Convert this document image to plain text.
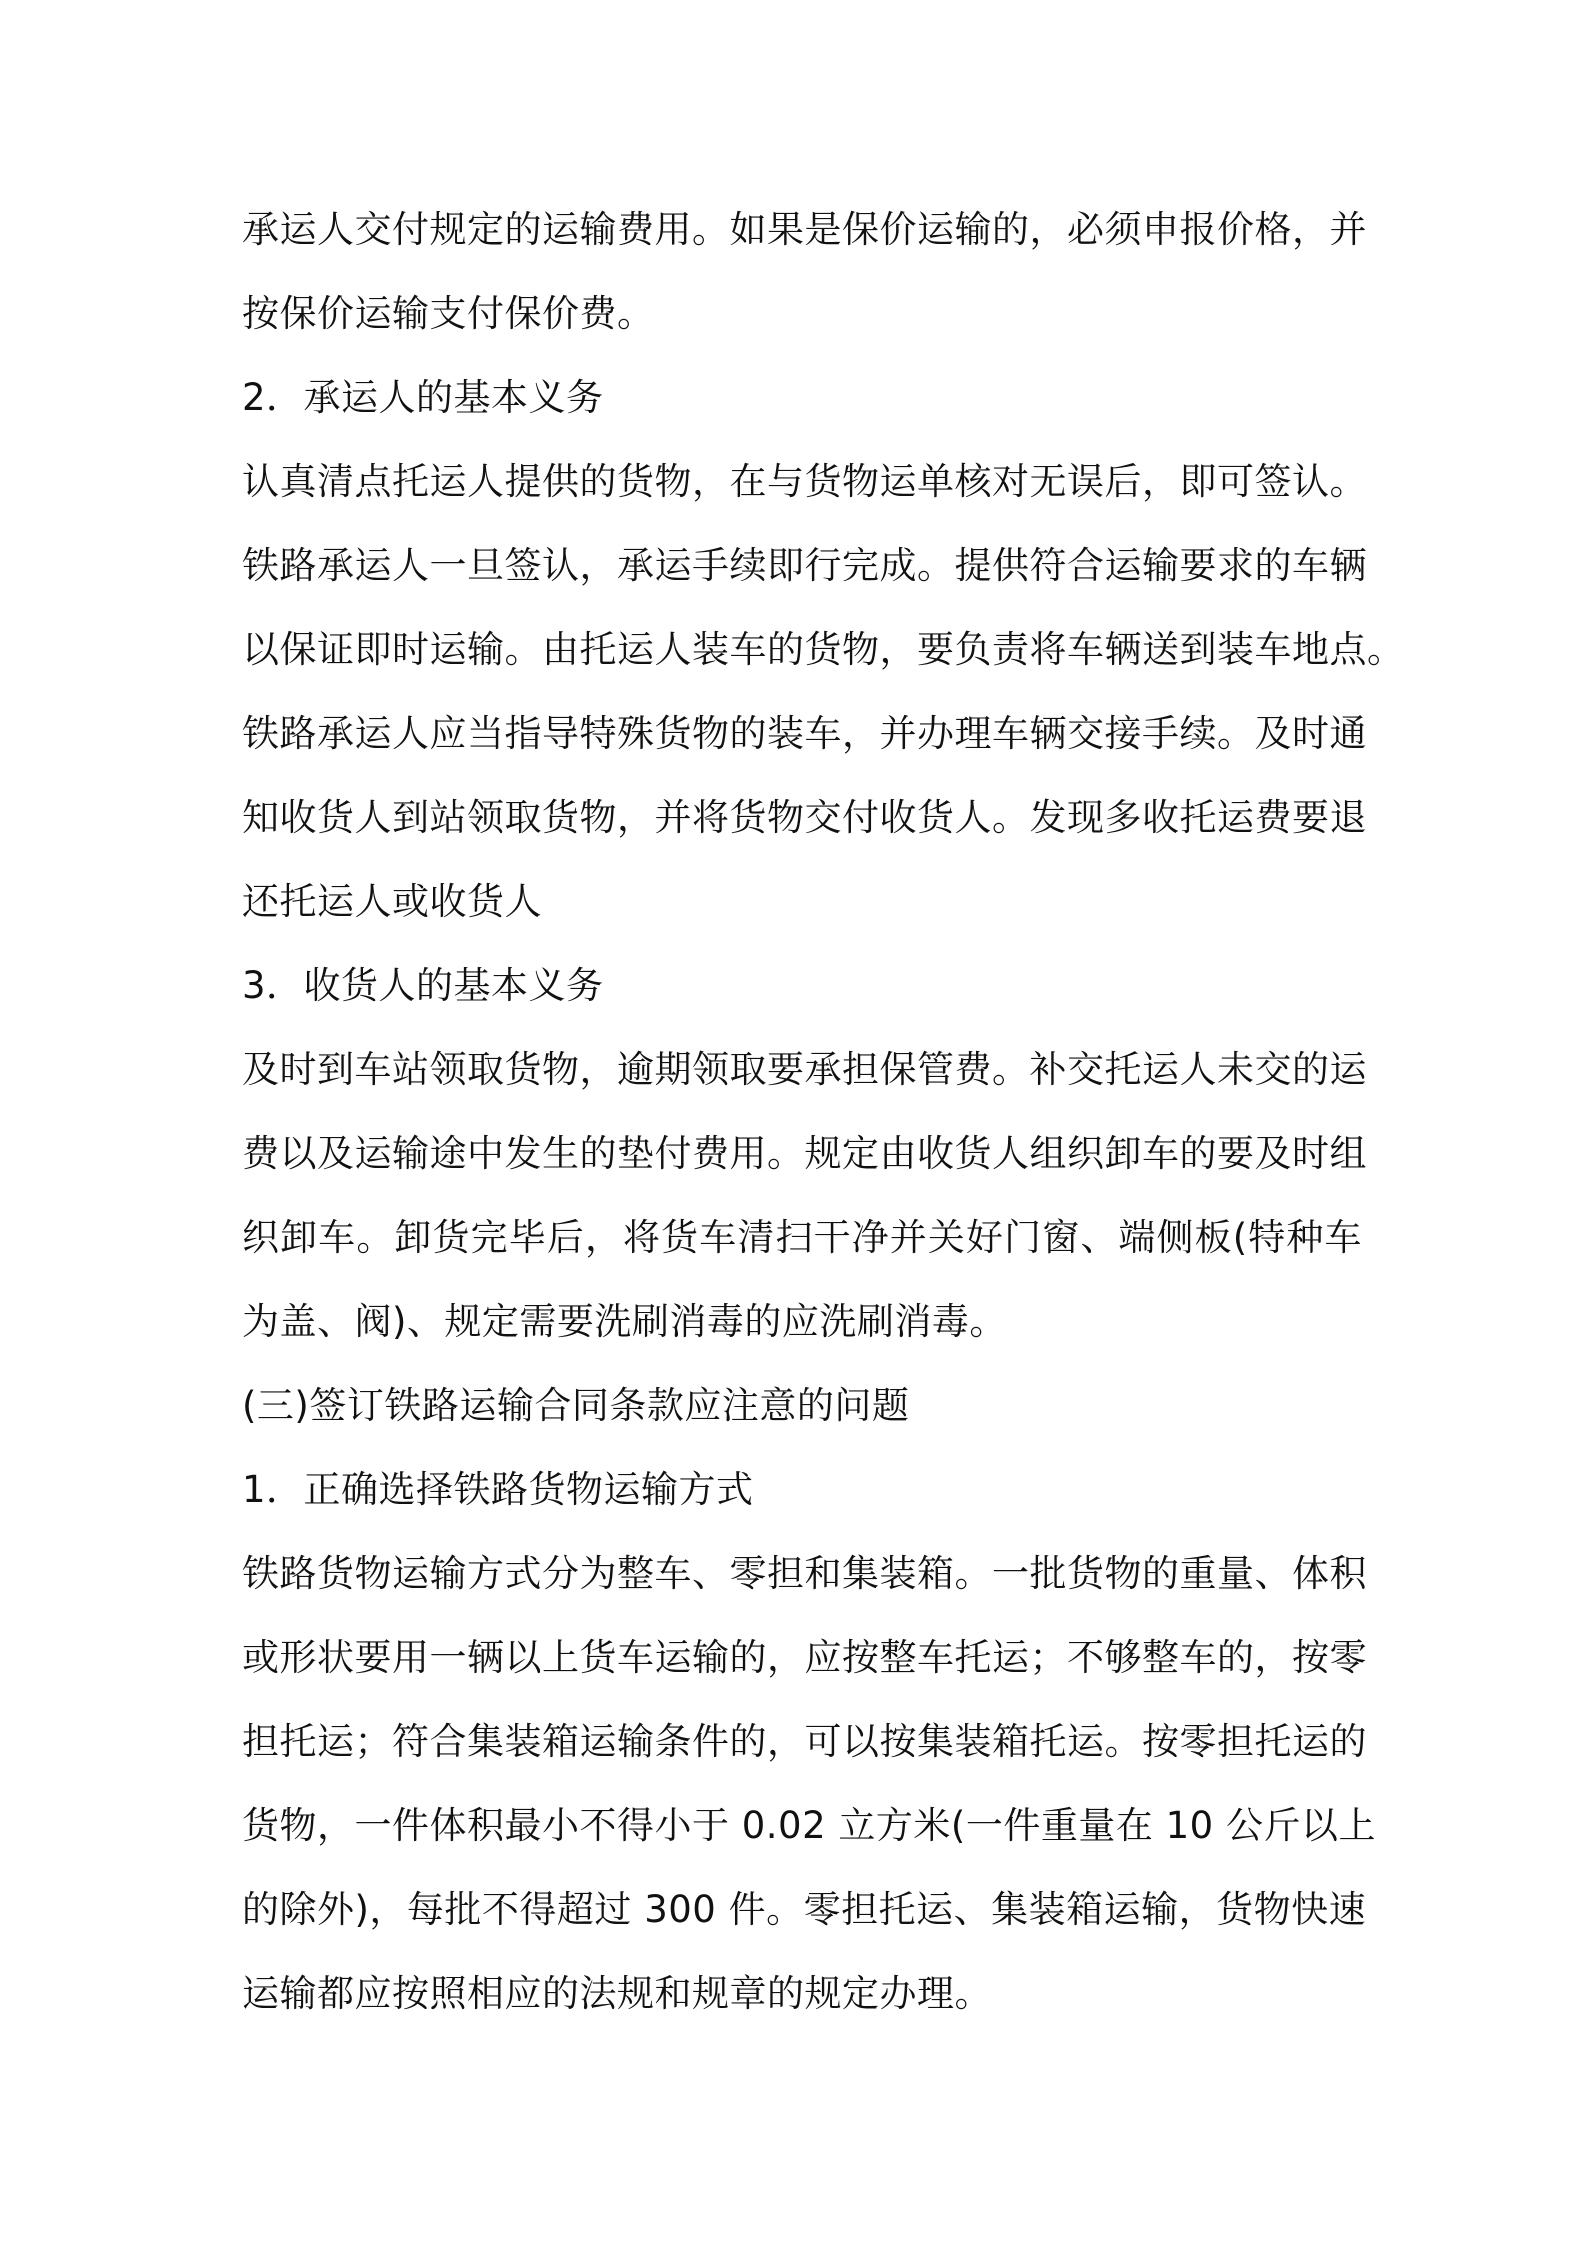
承运人交付规定的运输费用。如果是保价运输的，必须申报价格，并
按保价运输支付保价费。
2．承运人的基本义务
认真清点托运人提供的货物，在与货物运单核对无误后，即可签认。
铁路承运人一旦签认，承运手续即行完成。提供符合运输要求的车辆
以保证即时运输。由托运人装车的货物，要负责将车辆送到装车地点。
铁路承运人应当指导特殊货物的装车，并办理车辆交接手续。及时通
知收货人到站领取货物，并将货物交付收货人。发现多收托运费要退
还托运人或收货人
3．收货人的基本义务
及时到车站领取货物，逾期领取要承担保管费。补交托运人未交的运
费以及运输途中发生的垫付费用。规定由收货人组织卸车的要及时组
织卸车。卸货完毕后，将货车清扫干净并关好门窗、端侧板(特种车
为盖、阀)、规定需要洗刷消毒的应洗刷消毒。
(三)签订铁路运输合同条款应注意的问题
1．正确选择铁路货物运输方式
铁路货物运输方式分为整车、零担和集装箱。一批货物的重量、体积
或形状要用一辆以上货车运输的，应按整车托运；不够整车的，按零
担托运；符合集装箱运输条件的，可以按集装箱托运。按零担托运的
货物，一件体积最小不得小于 0.02 立方米(一件重量在 10 公斤以上
的除外)，每批不得超过 300 件。零担托运、集装箱运输，货物快速
运输都应按照相应的法规和规章的规定办理。
